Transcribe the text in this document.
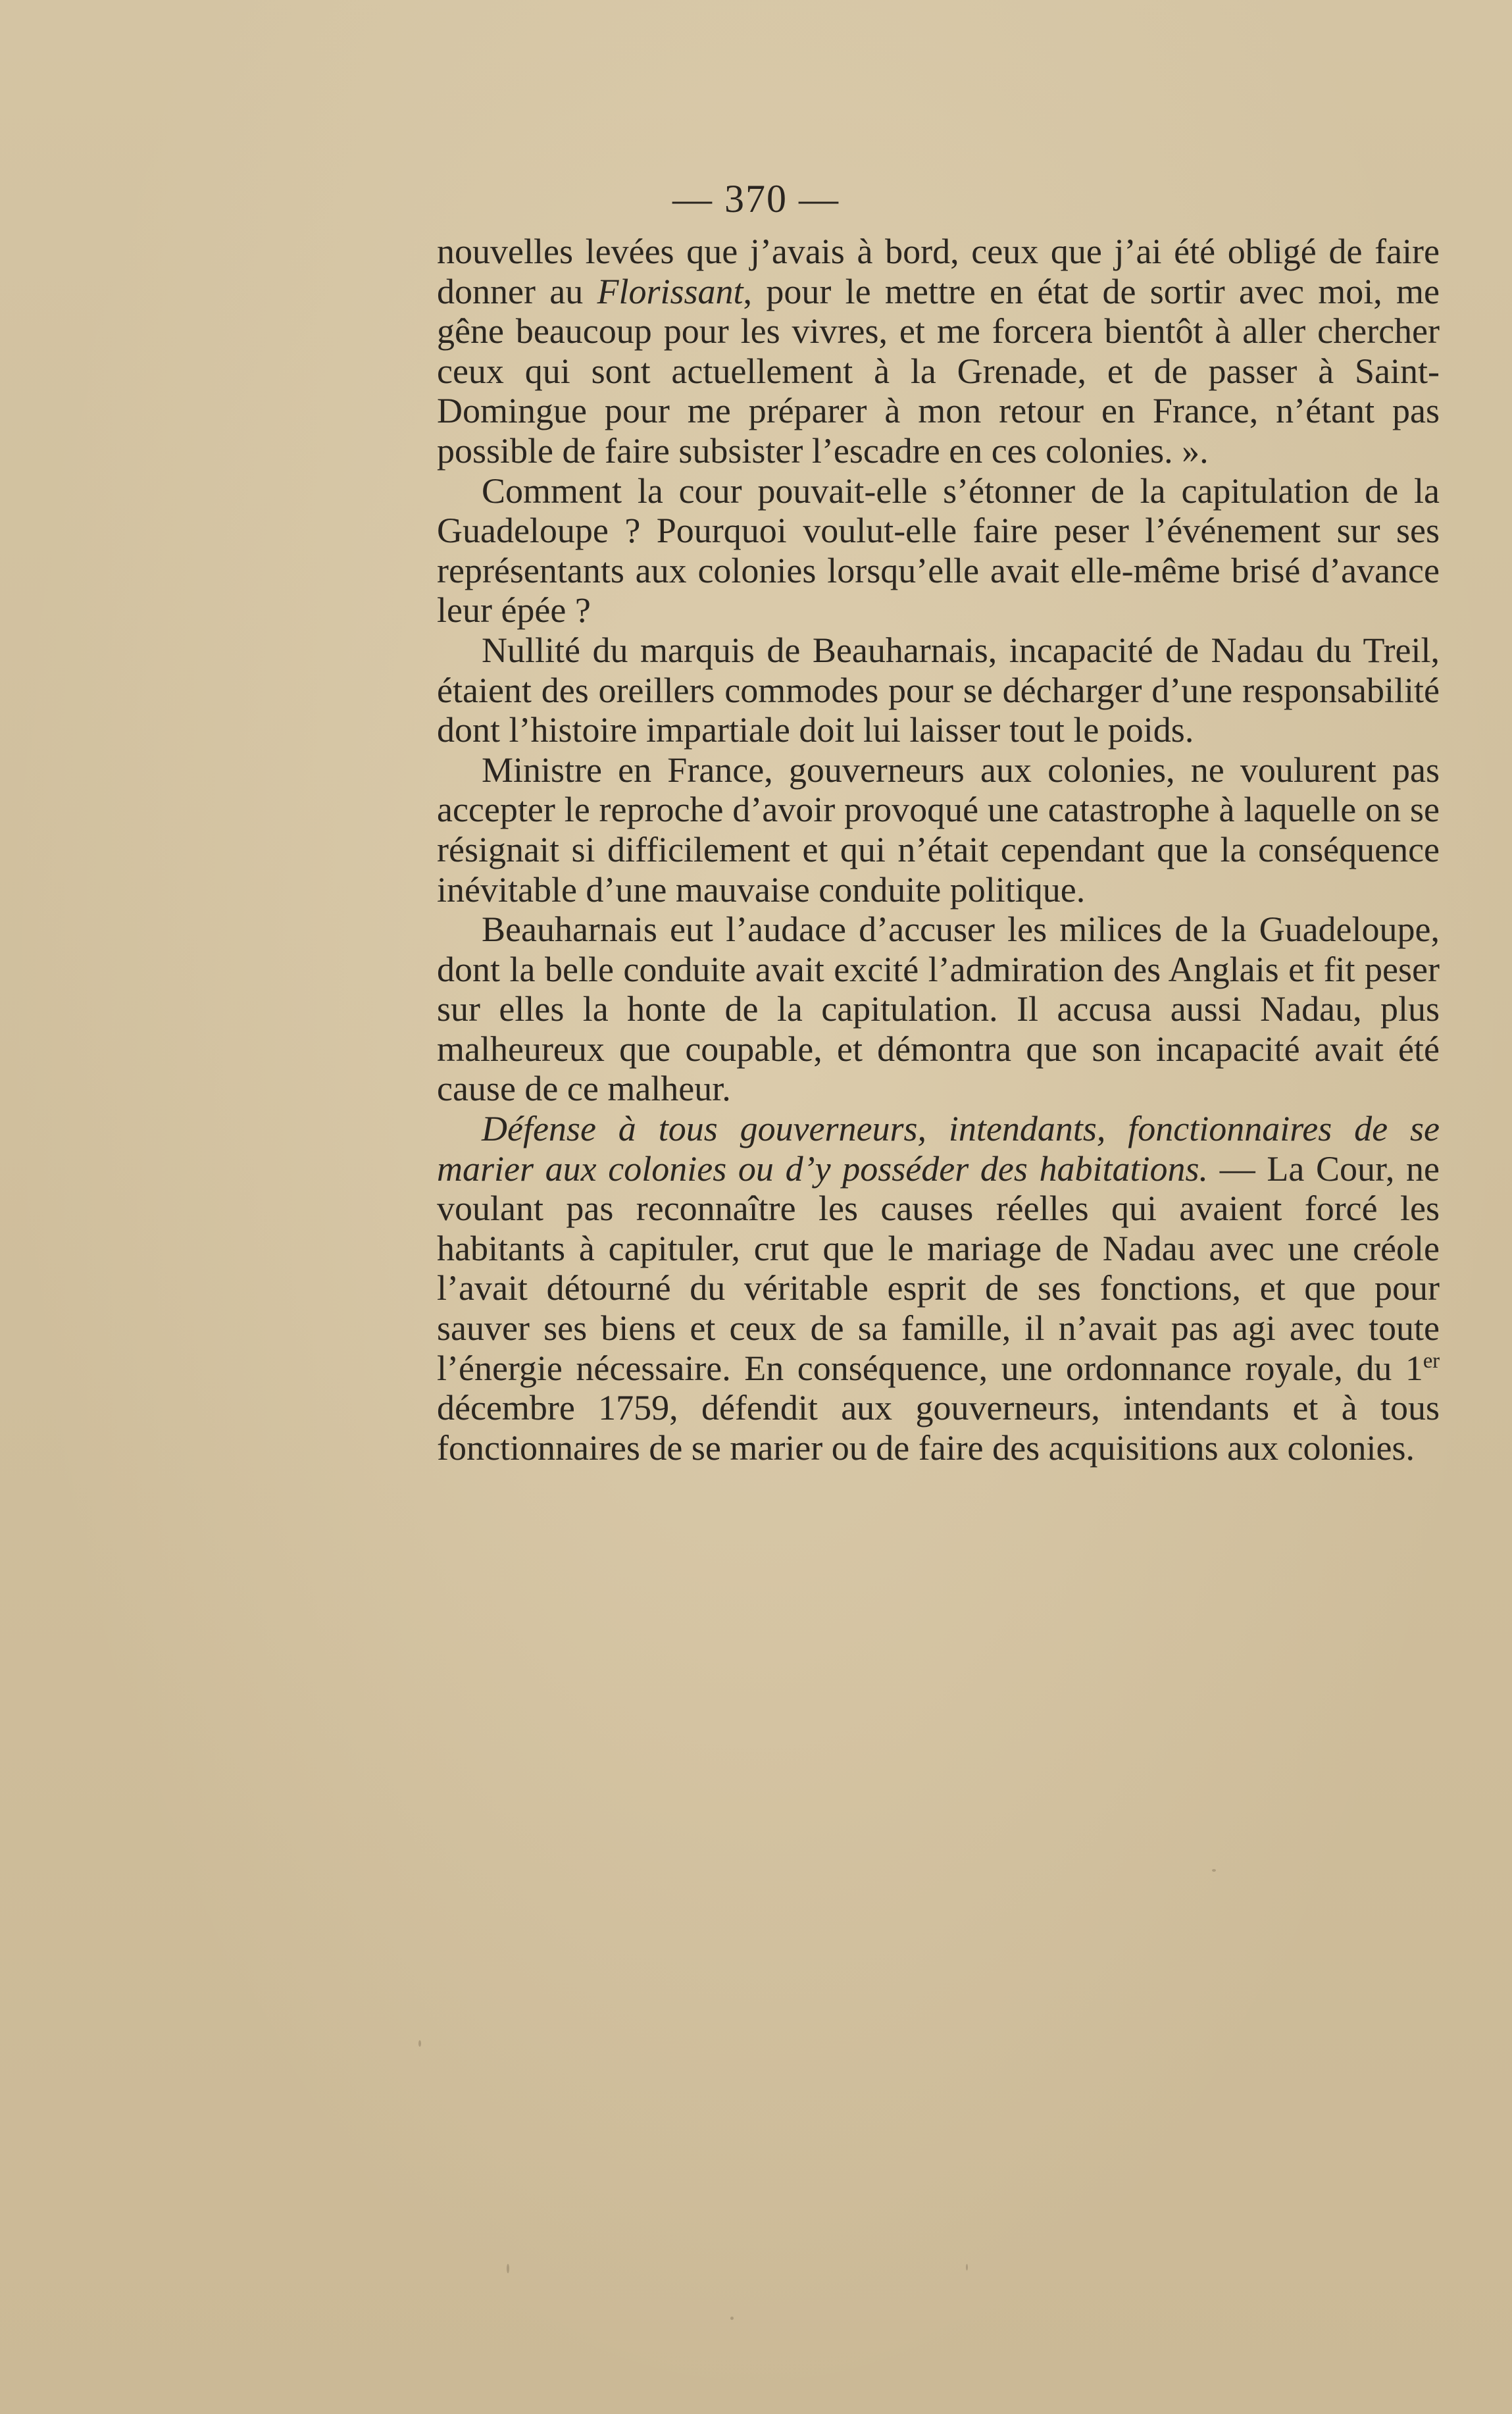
— 370 —

nouvelles levées que j’avais à bord, ceux que j’ai été obligé de faire donner au Florissant, pour le mettre en état de sortir avec moi, me gêne beaucoup pour les vivres, et me forcera bientôt à aller chercher ceux qui sont actuellement à la Grenade, et de passer à Saint-Domingue pour me préparer à mon retour en France, n’étant pas possible de faire subsister l’escadre en ces colonies. ».

Comment la cour pouvait-elle s’étonner de la capitulation de la Guadeloupe ? Pourquoi voulut-elle faire peser l’événement sur ses représentants aux colonies lorsqu’elle avait elle-même brisé d’avance leur épée ?

Nullité du marquis de Beauharnais, incapacité de Nadau du Treil, étaient des oreillers commodes pour se décharger d’une responsabilité dont l’histoire impartiale doit lui laisser tout le poids.

Ministre en France, gouverneurs aux colonies, ne voulurent pas accepter le reproche d’avoir provoqué une catastrophe à laquelle on se résignait si difficilement et qui n’était cependant que la conséquence inévitable d’une mauvaise conduite politique.

Beauharnais eut l’audace d’accuser les milices de la Guadeloupe, dont la belle conduite avait excité l’admiration des Anglais et fit peser sur elles la honte de la capitulation. Il accusa aussi Nadau, plus malheureux que coupable, et démontra que son incapacité avait été cause de ce malheur.

Défense à tous gouverneurs, intendants, fonctionnaires de se marier aux colonies ou d’y posséder des habitations. — La Cour, ne voulant pas reconnaître les causes réelles qui avaient forcé les habitants à capituler, crut que le mariage de Nadau avec une créole l’avait détourné du véritable esprit de ses fonctions, et que pour sauver ses biens et ceux de sa famille, il n’avait pas agi avec toute l’énergie nécessaire. En conséquence, une ordonnance royale, du 1er décembre 1759, défendit aux gouverneurs, intendants et à tous fonctionnaires de se marier ou de faire des acquisitions aux colonies.
